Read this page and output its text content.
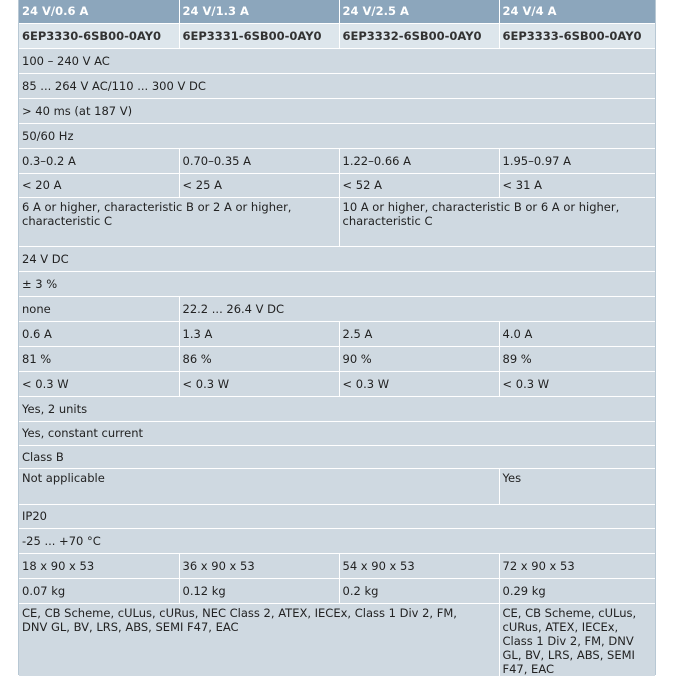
24 V/0.6 A	24 V/1.3 A	24 V/2.5 A	24 V/4 A
6EP3330-6SB00-0AY0	6EP3331-6SB00-0AY0	6EP3332-6SB00-0AY0	6EP3333-6SB00-0AY0
100 – 240 V AC			
85 ... 264 V AC/110 ... 300 V DC			
> 40 ms (at 187 V)			
50/60 Hz			
0.3–0.2 A	0.70–0.35 A	1.22–0.66 A	1.95–0.97 A
< 20 A	< 25 A	< 52 A	< 31 A
6 A or higher, characteristic B or 2 A or higher, characteristic C		10 A or higher, characteristic B or 6 A or higher, characteristic C	
24 V DC			
± 3 %			
none	22.2 ... 26.4 V DC		
0.6 A	1.3 A	2.5 A	4.0 A
81 %	86 %	90 %	89 %
< 0.3 W	< 0.3 W	< 0.3 W	< 0.3 W
Yes, 2 units			
Yes, constant current			
Class B			
Not applicable			Yes
IP20			
-25 ... +70 °C			
18 x 90 x 53	36 x 90 x 53	54 x 90 x 53	72 x 90 x 53
0.07 kg	0.12 kg	0.2 kg	0.29 kg
CE, CB Scheme, cULus, cURus, NEC Class 2, ATEX, IECEx, Class 1 Div 2, FM, DNV GL, BV, LRS, ABS, SEMI F47, EAC			CE, CB Scheme, cULus, cURus, ATEX, IECEx, Class 1 Div 2, FM, DNV GL, BV, LRS, ABS, SEMI F47, EAC
